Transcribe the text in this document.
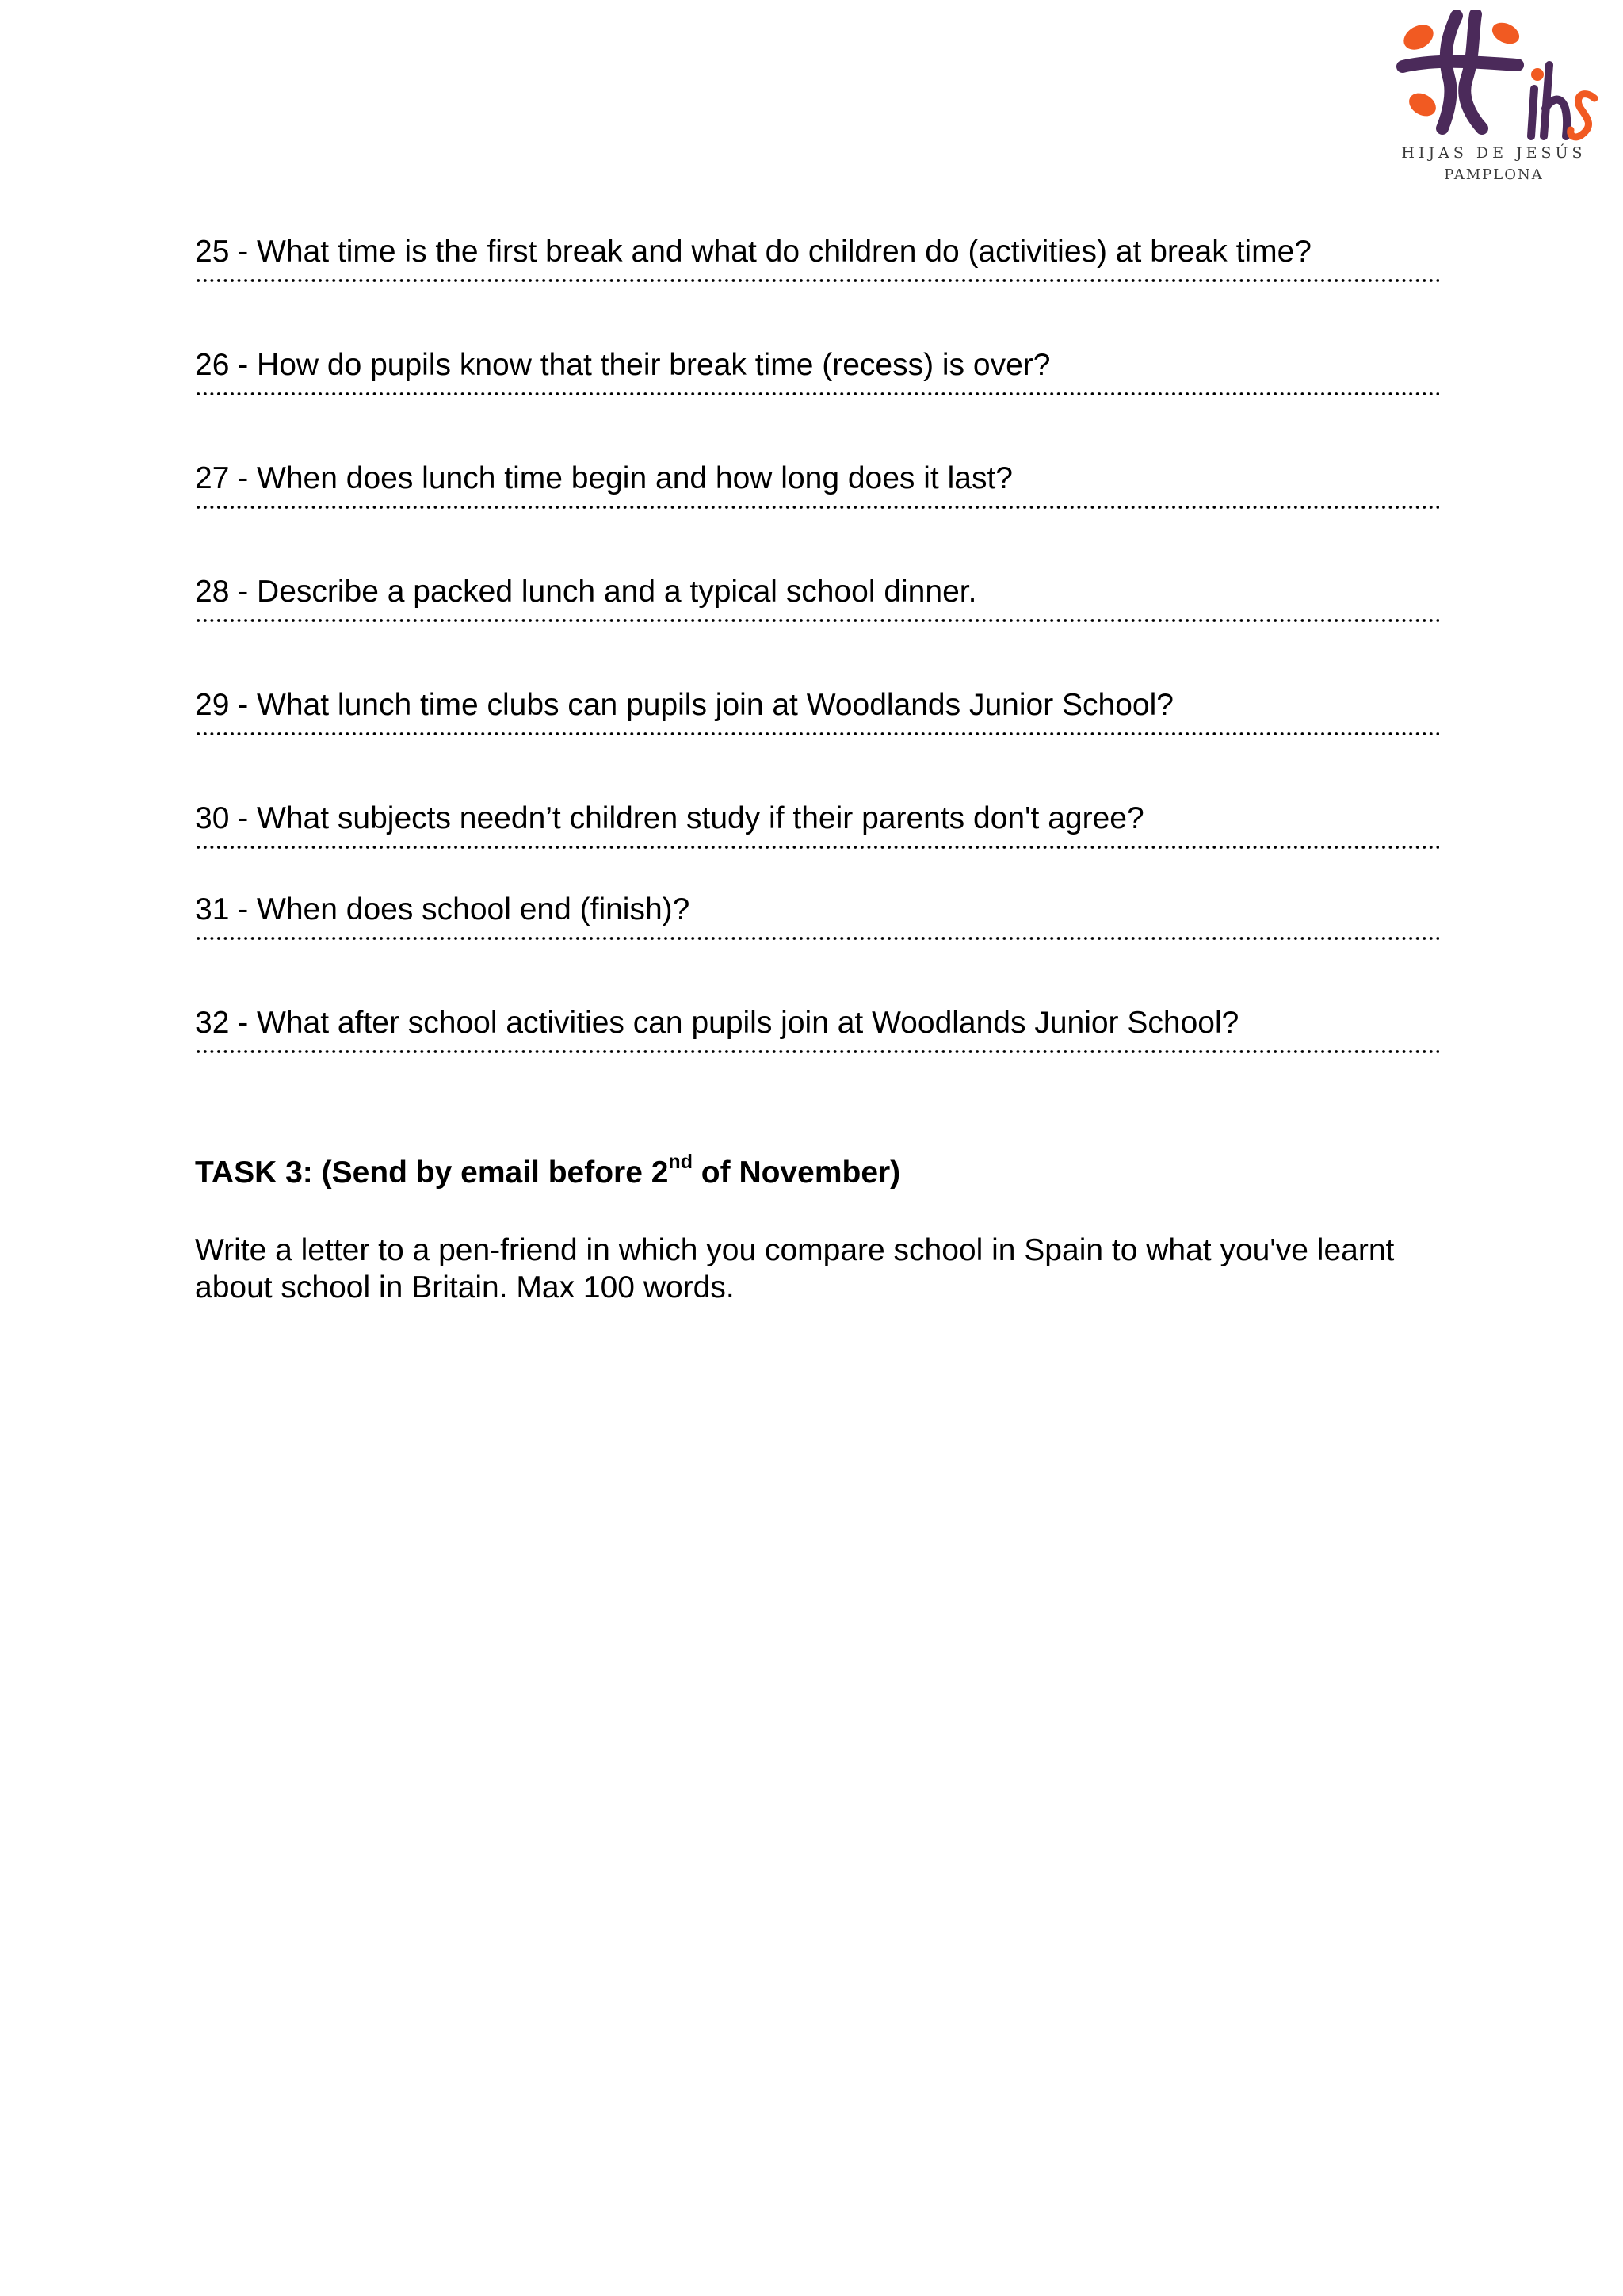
HIJAS DE JESÚS
PAMPLONA
25 - What time is the first break and what do children do (activities) at break time?
26 - How do pupils know that their break time (recess) is over?
27 - When does lunch time begin and how long does it last?
28 - Describe a packed lunch and a typical school dinner.
29 - What lunch time clubs can pupils join at Woodlands Junior School?
30 - What subjects needn’t children study if their parents don't agree?
31 - When does school end (finish)?
32 - What after school activities can pupils join at Woodlands Junior School?
TASK 3: (Send by email before 2nd of November)
Write a letter to a pen-friend in which you compare school in Spain to what you've learnt about school in Britain. Max 100 words.
